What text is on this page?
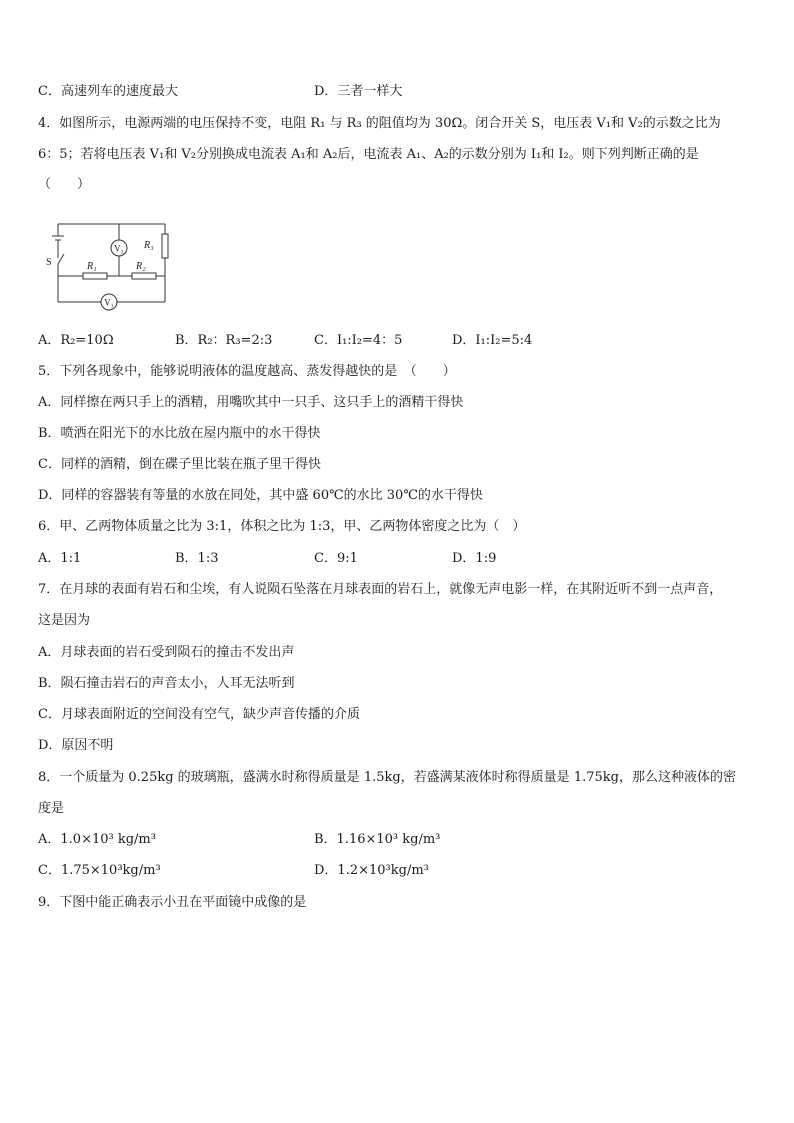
C．高速列车的速度最大	D．三者一样大
4．如图所示，电源两端的电压保持不变，电阻 R₁ 与 R₃ 的阻值均为 30Ω。闭合开关 S，电压表 V₁和 V₂的示数之比为
6：5；若将电压表 V₁和 V₂分别换成电流表 A₁和 A₂后，电流表 A₁、A₂的示数分别为 I₁和 I₂。则下列判断正确的是
（　　）
V₂
V₁
R₃
R₁	R₂
S
A．R₂=10Ω	B．R₂：R₃=2:3	C．I₁:I₂=4：5	D．I₁:I₂=5:4
5．下列各现象中，能够说明液体的温度越高、蒸发得越快的是　（　　）
A．同样擦在两只手上的酒精，用嘴吹其中一只手、这只手上的酒精干得快
B．喷洒在阳光下的水比放在屋内瓶中的水干得快
C．同样的酒精，倒在碟子里比装在瓶子里干得快
D．同样的容器装有等量的水放在同处，其中盛 60℃的水比 30℃的水干得快
6．甲、乙两物体质量之比为 3:1，体积之比为 1:3，甲、乙两物体密度之比为（　）
A．1:1	B．1:3	C．9:1	D．1:9
7．在月球的表面有岩石和尘埃，有人说陨石坠落在月球表面的岩石上，就像无声电影一样，在其附近听不到一点声音，
这是因为
A．月球表面的岩石受到陨石的撞击不发出声
B．陨石撞击岩石的声音太小，人耳无法听到
C．月球表面附近的空间没有空气，缺少声音传播的介质
D．原因不明
8．一个质量为 0.25kg 的玻璃瓶，盛满水时称得质量是 1.5kg，若盛满某液体时称得质量是 1.75kg，那么这种液体的密
度是
A．1.0×10³ kg/m³	B．1.16×10³ kg/m³
C．1.75×10³kg/m³	D．1.2×10³kg/m³
9．下图中能正确表示小丑在平面镜中成像的是
